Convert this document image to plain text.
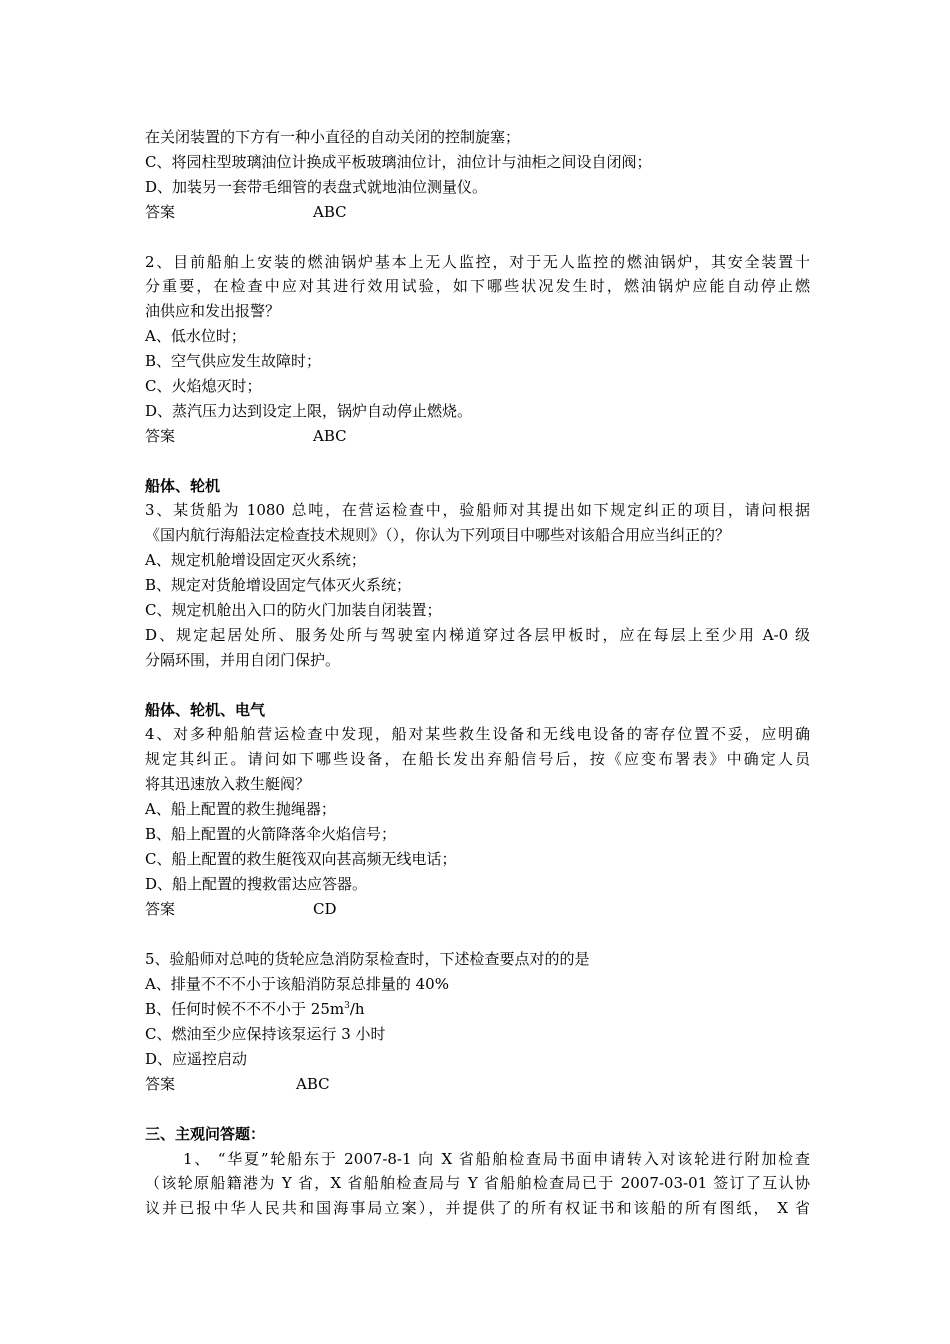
在关闭装置的下方有一种小直径的自动关闭的控制旋塞；
C、将园柱型玻璃油位计换成平板玻璃油位计，油位计与油柜之间设自闭阀；
D、加装另一套带毛细管的表盘式就地油位测量仪。
答案	ABC
2、目前船舶上安装的燃油锅炉基本上无人监控，对于无人监控的燃油锅炉，其安全装置十
分重要，在检查中应对其进行效用试验，如下哪些状况发生时，燃油锅炉应能自动停止燃
油供应和发出报警？
A、低水位时；
B、空气供应发生故障时；
C、火焰熄灭时；
D、蒸汽压力达到设定上限，锅炉自动停止燃烧。
答案	ABC
船体、轮机
3、某货船为 1080 总吨，在营运检查中，验船师对其提出如下规定纠正的项目，请问根据
《国内航行海船法定检查技术规则》（），你认为下列项目中哪些对该船合用应当纠正的？
A、规定机舱增设固定灭火系统；
B、规定对货舱增设固定气体灭火系统；
C、规定机舱出入口的防火门加装自闭装置；
D、规定起居处所、服务处所与驾驶室内梯道穿过各层甲板时，应在每层上至少用 A-0 级
分隔环围，并用自闭门保护。
船体、轮机、电气
4、对多种船舶营运检查中发现，船对某些救生设备和无线电设备的寄存位置不妥，应明确
规定其纠正。请问如下哪些设备，在船长发出弃船信号后，按《应变布署表》中确定人员
将其迅速放入救生艇阀？
A、船上配置的救生抛绳器；
B、船上配置的火箭降落伞火焰信号；
C、船上配置的救生艇筏双向甚高频无线电话；
D、船上配置的搜救雷达应答器。
答案	CD
5、验船师对总吨的货轮应急消防泵检查时，下述检查要点对的的是
A、排量不不不小于该船消防泵总排量的 40%
B、任何时候不不不小于 $25m^3/h$
C、燃油至少应保持该泵运行 3 小时
D、应遥控启动
答案	ABC
三、主观问答题：
1、 “华夏”轮船东于 2007-8-1 向 X 省船舶检查局书面申请转入对该轮进行附加检查
（该轮原船籍港为 Y 省，X 省船舶检查局与 Y 省船舶检查局已于 2007-03-01 签订了互认协
议并已报中华人民共和国海事局立案），并提供了的所有权证书和该船的所有图纸， X 省
